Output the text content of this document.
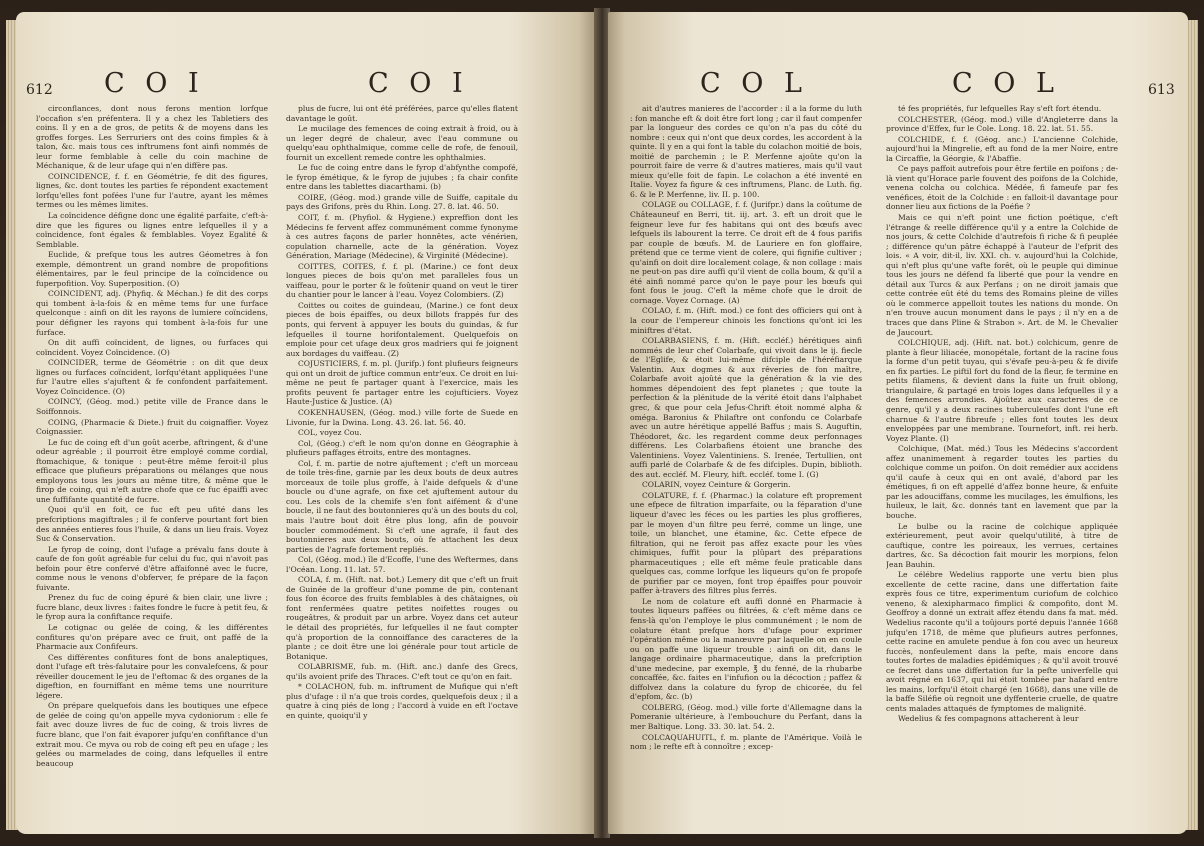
612 C O I	C O I

circonflances, dont nous ferons mention lorfque l'occafion s'en préfentera. Il y a chez les Tabletiers des coins. Il y en a de gros, de petits & de moyens dans les groffes forges. Les Serruriers ont des coins fimples & à talon, &c. mais tous ces inftrumens font ainfi nommés de leur forme femblable à celle du coin machine de Méchanique, & de leur ufage qui n'en diffère pas.

COINCIDENCE, f. f. en Géométrie, fe dit des figures, lignes, &c. dont toutes les parties fe répondent exactement lorfqu'elles font pofées l'une fur l'autre, ayant les mêmes termes ou les mêmes limites.

La coïncidence défigne donc une égalité parfaite, c'eft-à-dire que les figures ou lignes entre lefquelles il y a coïncidence, font égales & femblables. Voyez Egalité & Semblable.

Euclide, & prefque tous les autres Géometres à fon exemple, démontrent un grand nombre de propofitions élémentaires, par le feul principe de la coïncidence ou fuperpofition. Voy. Superposition. (O)

COINCIDENT, adj. (Phyfiq. & Méchan.) fe dit des corps qui tombent à-la-fois & en même tems fur une furface quelconque : ainfi on dit les rayons de lumiere coïncidens, pour défigner les rayons qui tombent à-la-fois fur une furface.

On dit auffi coïncident, de lignes, ou furfaces qui coïncident. Voyez Coïncidence. (O)

COINCIDER, terme de Géométrie : on dit que deux lignes ou furfaces coïncident, lorfqu'étant appliquées l'une fur l'autre elles s'ajuftent & fe confondent parfaitement. Voyez Coïncidence. (O)

COINCY, (Géog. mod.) petite ville de France dans le Soiffonnois.

COING, (Pharmacie & Diete.) fruit du coignaffier. Voyez Coignassier.

Le fuc de coing eft d'un goût acerbe, aftringent, & d'une odeur agréable ; il pourroit être employé comme cordial, ftomachique, & tonique : peut-être même feroit-il plus efficace que plufieurs préparations ou mélanges que nous employons tous les jours au même titre, & même que le firop de coing, qui n'eft autre chofe que ce fuc épaiffi avec une fuffifante quantité de fucre.

Quoi qu'il en foit, ce fuc eft peu ufité dans les prefcriptions magiftrales ; il fe conferve pourtant fort bien des années entieres fous l'huile, & dans un lieu frais. Voyez Suc & Conservation.

Le fyrop de coing, dont l'ufage a prévalu fans doute à caufe de fon goût agréable fur celui du fuc, qui n'avoit pas befoin pour être confervé d'être affaifonné avec le fucre, comme nous le venons d'obferver, fe prépare de la façon fuivante.

Prenez du fuc de coing épuré & bien clair, une livre ; fucre blanc, deux livres : faites fondre le fucre à petit feu, & le fyrop aura la confiftance requife.

Le cotignac ou gelée de coing, & les différentes confitures qu'on prépare avec ce fruit, ont paffé de la Pharmacie aux Confifeurs.

Ces différentes confitures font de bons analeptiques, dont l'ufage eft très-falutaire pour les convalefcens, & pour réveiller doucement le jeu de l'eftomac & des organes de la digeftion, en fourniffant en même tems une nourriture légere.

On prépare quelquefois dans les boutiques une efpece de gelée de coing qu'on appelle myva cydoniorum : elle fe fait avec douze livres de fuc de coing, & trois livres de fucre blanc, que l'on fait évaporer jufqu'en confiftance d'un extrait mou. Ce myva ou rob de coing eft peu en ufage ; les gelées ou marmelades de coing, dans lefquelles il entre beaucoup

plus de fucre, lui ont été préférées, parce qu'elles flatent davantage le goût.

Le mucilage des femences de coing extrait à froid, ou à un leger degré de chaleur, avec l'eau commune ou quelqu'eau ophthalmique, comme celle de rofe, de fenouil, fournit un excellent remede contre les ophthalmies.

Le fuc de coing entre dans le fyrop d'abfynthe compofé, le fyrop émétique, & le fyrop de jujubes ; fa chair confite entre dans les tablettes diacarthami. (b)

COIRE, (Géog. mod.) grande ville de Suiffe, capitale du pays des Grifons, près du Rhin. Long. 27. 8. lat. 46. 50.

COIT, f. m. (Phyfiol. & Hygiene.) expreffion dont les Médecins fe fervent affez communément comme fynonyme à ces autres façons de parler honnêtes, acte vénérien, copulation charnelle, acte de la génération. Voyez Génération, Mariage (Médecine), & Virginité (Médecine).

COITTES, COITES, f. f. pl. (Marine.) ce font deux longues pieces de bois qu'on met paralleles fous un vaiffeau, pour le porter & le foûtenir quand on veut le tirer du chantier pour le lancer à l'eau. Voyez Colombiers. (Z)

Coittes ou coites de guindeau, (Marine.) ce font deux pieces de bois épaiffes, ou deux billots frappés fur des ponts, qui fervent à appuyer les bouts du guindas, & fur lefquelles il tourne horifontalement. Quelquefois on emploie pour cet ufage deux gros madriers qui fe joignent aux bordages du vaiffeau. (Z)

COJUSTICIERS, f. m. pl. (Jurifp.) font plufieurs feigneurs qui ont un droit de juftice commun entr'eux. Ce droit en lui-même ne peut fe partager quant à l'exercice, mais les profits peuvent fe partager entre les cojufticiers. Voyez Haute-Justice & Justice. (A)

COKENHAUSEN, (Géog. mod.) ville forte de Suede en Livonie, fur la Dwina. Long. 43. 26. lat. 56. 40.

COL, voyez Cou.

Col, (Géog.) c'eft le nom qu'on donne en Géographie à plufieurs paffages étroits, entre des montagnes.

Col, f. m. partie de notre ajuftement ; c'eft un morceau de toile très-fine, garnie par les deux bouts de deux autres morceaux de toile plus groffe, à l'aide defquels & d'une boucle ou d'une agrafe, on fixe cet ajuftement autour du cou. Les cols de la chemife s'en font aifément & d'une boucle, il ne faut des boutonnieres qu'à un des bouts du col, mais l'autre bout doit être plus long, afin de pouvoir boucler commodément. Si c'eft une agrafe, il faut des boutonnieres aux deux bouts, où fe attachent les deux parties de l'agrafe fortement repliés.

Col, (Géog. mod.) île d'Ecoffe, l'une des Weftermes, dans l'Océan. Long. 11. lat. 57.

COLA, f. m. (Hift. nat. bot.) Lemery dit que c'eft un fruit de Guinée de la groffeur d'une pomme de pin, contenant fous fon écorce des fruits femblables à des châtaignes, où font renfermées quatre petites noifettes rouges ou rougeâtres, & produit par un arbre. Voyez dans cet auteur le détail des propriétés, fur lefquelles il ne faut compter qu'à proportion de la connoiffance des caracteres de la plante ; ce doit être une loi générale pour tout article de Botanique.

COLABRISME, fub. m. (Hift. anc.) danfe des Grecs, qu'ils avoient prife des Thraces. C'eft tout ce qu'on en fait.

* COLACHON, fub. m. inftrument de Mufique qui n'eft plus d'ufage : il n'a que trois cordes, quelquefois deux ; il a quatre à cinq piés de long ; l'accord à vuide en eft l'octave en quinte, quoiqu'il y

C O L	C O L	613

ait d'autres manieres de l'accorder : il a la forme du luth : fon manche eft & doit être fort long ; car il faut compenfer par la longueur des cordes ce qu'on n'a pas du côté du nombre : ceux qui n'ont que deux cordes, les accordent à la quinte. Il y en a qui font la table du colachon moitié de bois, moitié de parchemin ; le P. Merfenne ajoûte qu'on la pourroit faire de verre & d'autres matieres, mais qu'il vaut mieux qu'elle foit de fapin. Le colachon a été inventé en Italie. Voyez fa figure & ces inftrumens, Planc. de Luth. fig. 6. & le P. Merfenne, liv. II. p. 100.

COLAGE ou COLLAGE, f. f. (Jurifpr.) dans la coûtume de Châteauneuf en Berri, tit. iij. art. 3. eft un droit que le feigneur leve fur fes habitans qui ont des bœufs avec lefquels ils labourent la terre. Ce droit eft de 4 fous parifis par couple de bœufs. M. de Lauriere en fon gloffaire, prétend que ce terme vient de colere, qui fignifie cultiver ; qu'ainfi on doit dire localement colage, & non collage : mais ne peut-on pas dire auffi qu'il vient de colla boum, & qu'il a été ainfi nommé parce qu'on le paye pour les bœufs qui font fous le joug. C'eft la même chofe que le droit de cornage. Voyez Cornage. (A)

COLAO, f. m. (Hift. mod.) ce font des officiers qui ont à la cour de l'empereur chinois les fonctions qu'ont ici les miniftres d'état.

COLARBASIENS, f. m. (Hift. eccléf.) hérétiques ainfi nommés de leur chef Colarbafe, qui vivoit dans le ij. fiecle de l'Eglife, & étoit lui-même difciple de l'héréfiarque Valentin. Aux dogmes & aux rêveries de fon maître, Colarbafe avoit ajoûté que la génération & la vie des hommes dépendoient des fept planetes ; que toute la perfection & la plénitude de la vérité étoit dans l'alphabet grec, & que pour cela Jefus-Chrift étoit nommé alpha & oméga. Baronius & Philaftre ont confondu ce Colarbafe avec un autre hérétique appellé Baffus ; mais S. Auguftin, Théodoret, &c. les regardent comme deux perfonnages différens. Les Colarbafiens étoient une branche des Valentiniens. Voyez Valentiniens. S. Irenée, Tertullien, ont auffi parlé de Colarbafe & de fes difciples. Dupin, biblioth. des aut. eccléf. M. Fleury, hift. eccléf. tome I. (G)

COLARIN, voyez Ceinture & Gorgerin.

COLATURE, f. f. (Pharmac.) la colature eft proprement une efpece de filtration imparfaite, ou la féparation d'une liqueur d'avec les féces ou les parties les plus groffieres, par le moyen d'un filtre peu ferré, comme un linge, une toile, un blanchet, une étamine, &c. Cette efpece de filtration, qui ne feroit pas affez exacte pour les vûes chimiques, fuffit pour la plûpart des préparations pharmaceutiques ; elle eft même feule praticable dans quelques cas, comme lorfque les liqueurs qu'on fe propofe de purifier par ce moyen, font trop épaiffes pour pouvoir paffer à-travers des filtres plus ferrés.

Le nom de colature eft auffi donné en Pharmacie à toutes liqueurs paffées ou filtrées, & c'eft même dans ce fens-là qu'on l'employe le plus communément ; le nom de colature étant prefque hors d'ufage pour exprimer l'opération même ou la manœuvre par laquelle on en coule ou on paffe une liqueur trouble : ainfi on dit, dans le langage ordinaire pharmaceutique, dans la prefcription d'une medecine, par exemple, ℥ du fenné, de la rhubarbe concaffée, &c. faites en l'infufion ou la décoction ; paffez & diffolvez dans la colature du fyrop de chicorée, du fel d'epfom, &c. (b)

COLBERG, (Géog. mod.) ville forte d'Allemagne dans la Pomeranie ultérieure, à l'embouchure du Perfant, dans la mer Baltique. Long. 33. 30. lat. 54. 2.

COLCAQUAHUITL, f. m. plante de l'Amérique. Voilà le nom ; le refte eft à connoître ; excep-

té fes propriétés, fur lefquelles Ray s'eft fort étendu.

COLCHESTER, (Géog. mod.) ville d'Angleterre dans la province d'Effex, fur le Cole. Long. 18. 22. lat. 51. 55.

COLCHIDE, f. f. (Géog. anc.) L'ancienne Colchide, aujourd'hui la Mingrelie, eft au fond de la mer Noire, entre la Circaffie, la Géorgie, & l'Abaffie.

Ce pays paffoit autrefois pour être fertile en poifons ; de-là vient qu'Horace parle fouvent des poifons de la Colchide, venena colcha ou colchica. Médée, fi fameufe par fes venéfices, étoit de la Colchide : en falloit-il davantage pour donner lieu aux fictions de la Poéfie ?

Mais ce qui n'eft point une fiction poétique, c'eft l'étrange & reelle différence qu'il y a entre la Colchide de nos jours, & cette Colchide d'autrefois fi riche & fi peuplée ; différence qu'un pâtre échappé à l'auteur de l'efprit des lois. « A voir, dit-il, liv. XXI. ch. v. aujourd'hui la Colchide, qui n'eft plus qu'une vafte forêt, où le peuple qui diminue tous les jours ne défend fa liberté que pour la vendre en détail aux Turcs & aux Perfans ; on ne diroit jamais que cette contrée eût été du tems des Romains pleine de villes où le commerce appelloit toutes les nations du monde. On n'en trouve aucun monument dans le pays ; il n'y en a de traces que dans Pline & Strabon ». Art. de M. le Chevalier de Jaucourt.

COLCHIQUE, adj. (Hift. nat. bot.) colchicum, genre de plante à fleur liliacée, monopétale, fortant de la racine fous la forme d'un petit tuyau, qui s'évafe peu-à-peu & fe divife en fix parties. Le piftil fort du fond de la fleur, fe termine en petits filamens, & devient dans la fuite un fruit oblong, triangulaire, & partagé en trois loges dans lefquelles il y a des femences arrondies. Ajoûtez aux caracteres de ce genre, qu'il y a deux racines tuberculeufes dont l'une eft charnue & l'autre fibreufe ; elles font toutes les deux enveloppées par une membrane. Tournefort, inft. rei herb. Voyez Plante. (I)

Colchique, (Mat. méd.) Tous les Médecins s'accordent affez unanimement à regarder toutes les parties du colchique comme un poifon. On doit remédier aux accidens qu'il caufe à ceux qui en ont avalé, d'abord par les émétiques, fi on eft appellé d'affez bonne heure, & enfuite par les adouciffans, comme les mucilages, les émulfions, les huileux, le lait, &c. donnés tant en lavement que par la bouche.

Le bulbe ou la racine de colchique appliquée extérieurement, peut avoir quelqu'utilité, à titre de cauftique, contre les poireaux, les verrues, certaines dartres, &c. Sa décoction fait mourir les morpions, felon Jean Bauhin.

Le célébre Wedelius rapporte une vertu bien plus excellente de cette racine, dans une differtation faite exprès fous ce titre, experimentum curiofum de colchico veneno, & alexipharmaco fimplici & compofito, dont M. Geoffroy a donné un extrait affez étendu dans fa mat. méd. Wedelius raconte qu'il a toûjours porté depuis l'année 1668 jufqu'en 1718, de même que plufieurs autres perfonnes, cette racine en amulete pendue à fon cou avec un heureux fuccès, nonfeulement dans la pefte, mais encore dans toutes fortes de maladies épidémiques ; & qu'il avoit trouvé ce fecret dans une differtation fur la pefte univerfelle qui avoit régné en 1637, qui lui étoit tombée par hafard entre les mains, lorfqu'il étoit chargé (en 1668), dans une ville de la baffe Siléfie où regnoit une dyffenterie cruelle, de quatre cents malades attaqués de fymptomes de malignité.

Wedelius & fes compagnons attacherent à leur
